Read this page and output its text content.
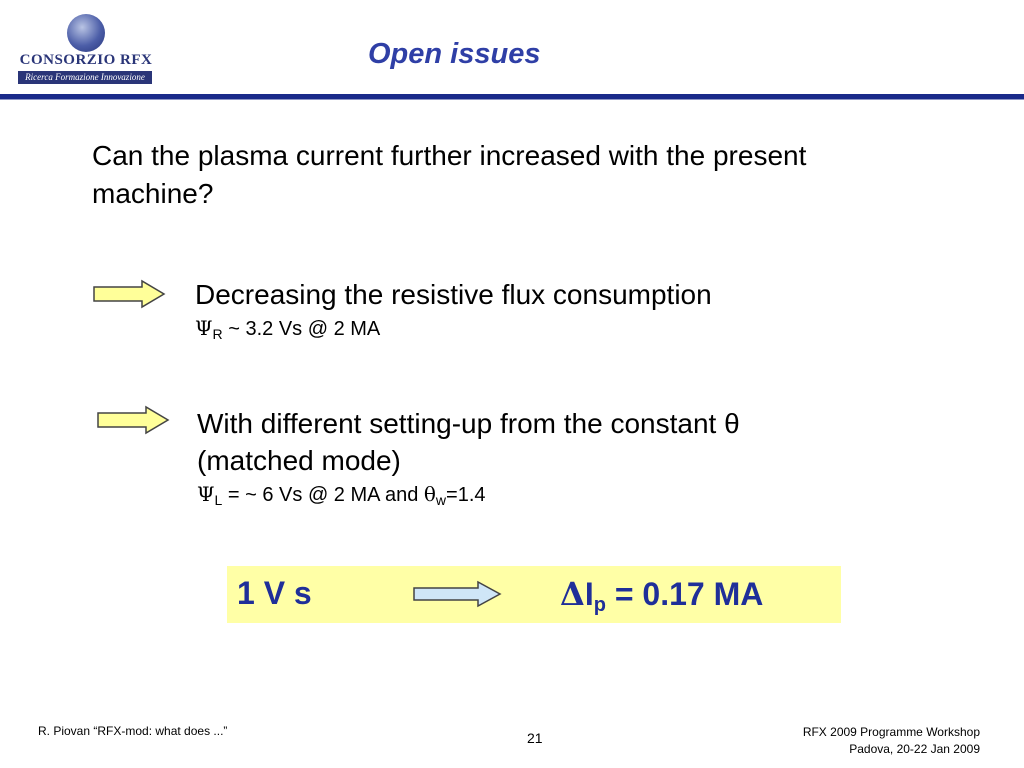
CONSORZIO RFX
Ricerca Formazione Innovazione
Open issues
Can the plasma current further increased with the present machine?
Decreasing the resistive flux consumption
$\Psi_R$ ~ 3.2 Vs @ 2 MA
With different setting-up from the constant θ
(matched mode)
$\Psi_L$ = ~ 6 Vs @ 2 MA and $\theta_w=1.4$
1 V s	ΔIp = 0.17 MA
R. Piovan “RFX-mod: what does ...”	21	RFX 2009 Programme Workshop
Padova, 20-22 Jan 2009
